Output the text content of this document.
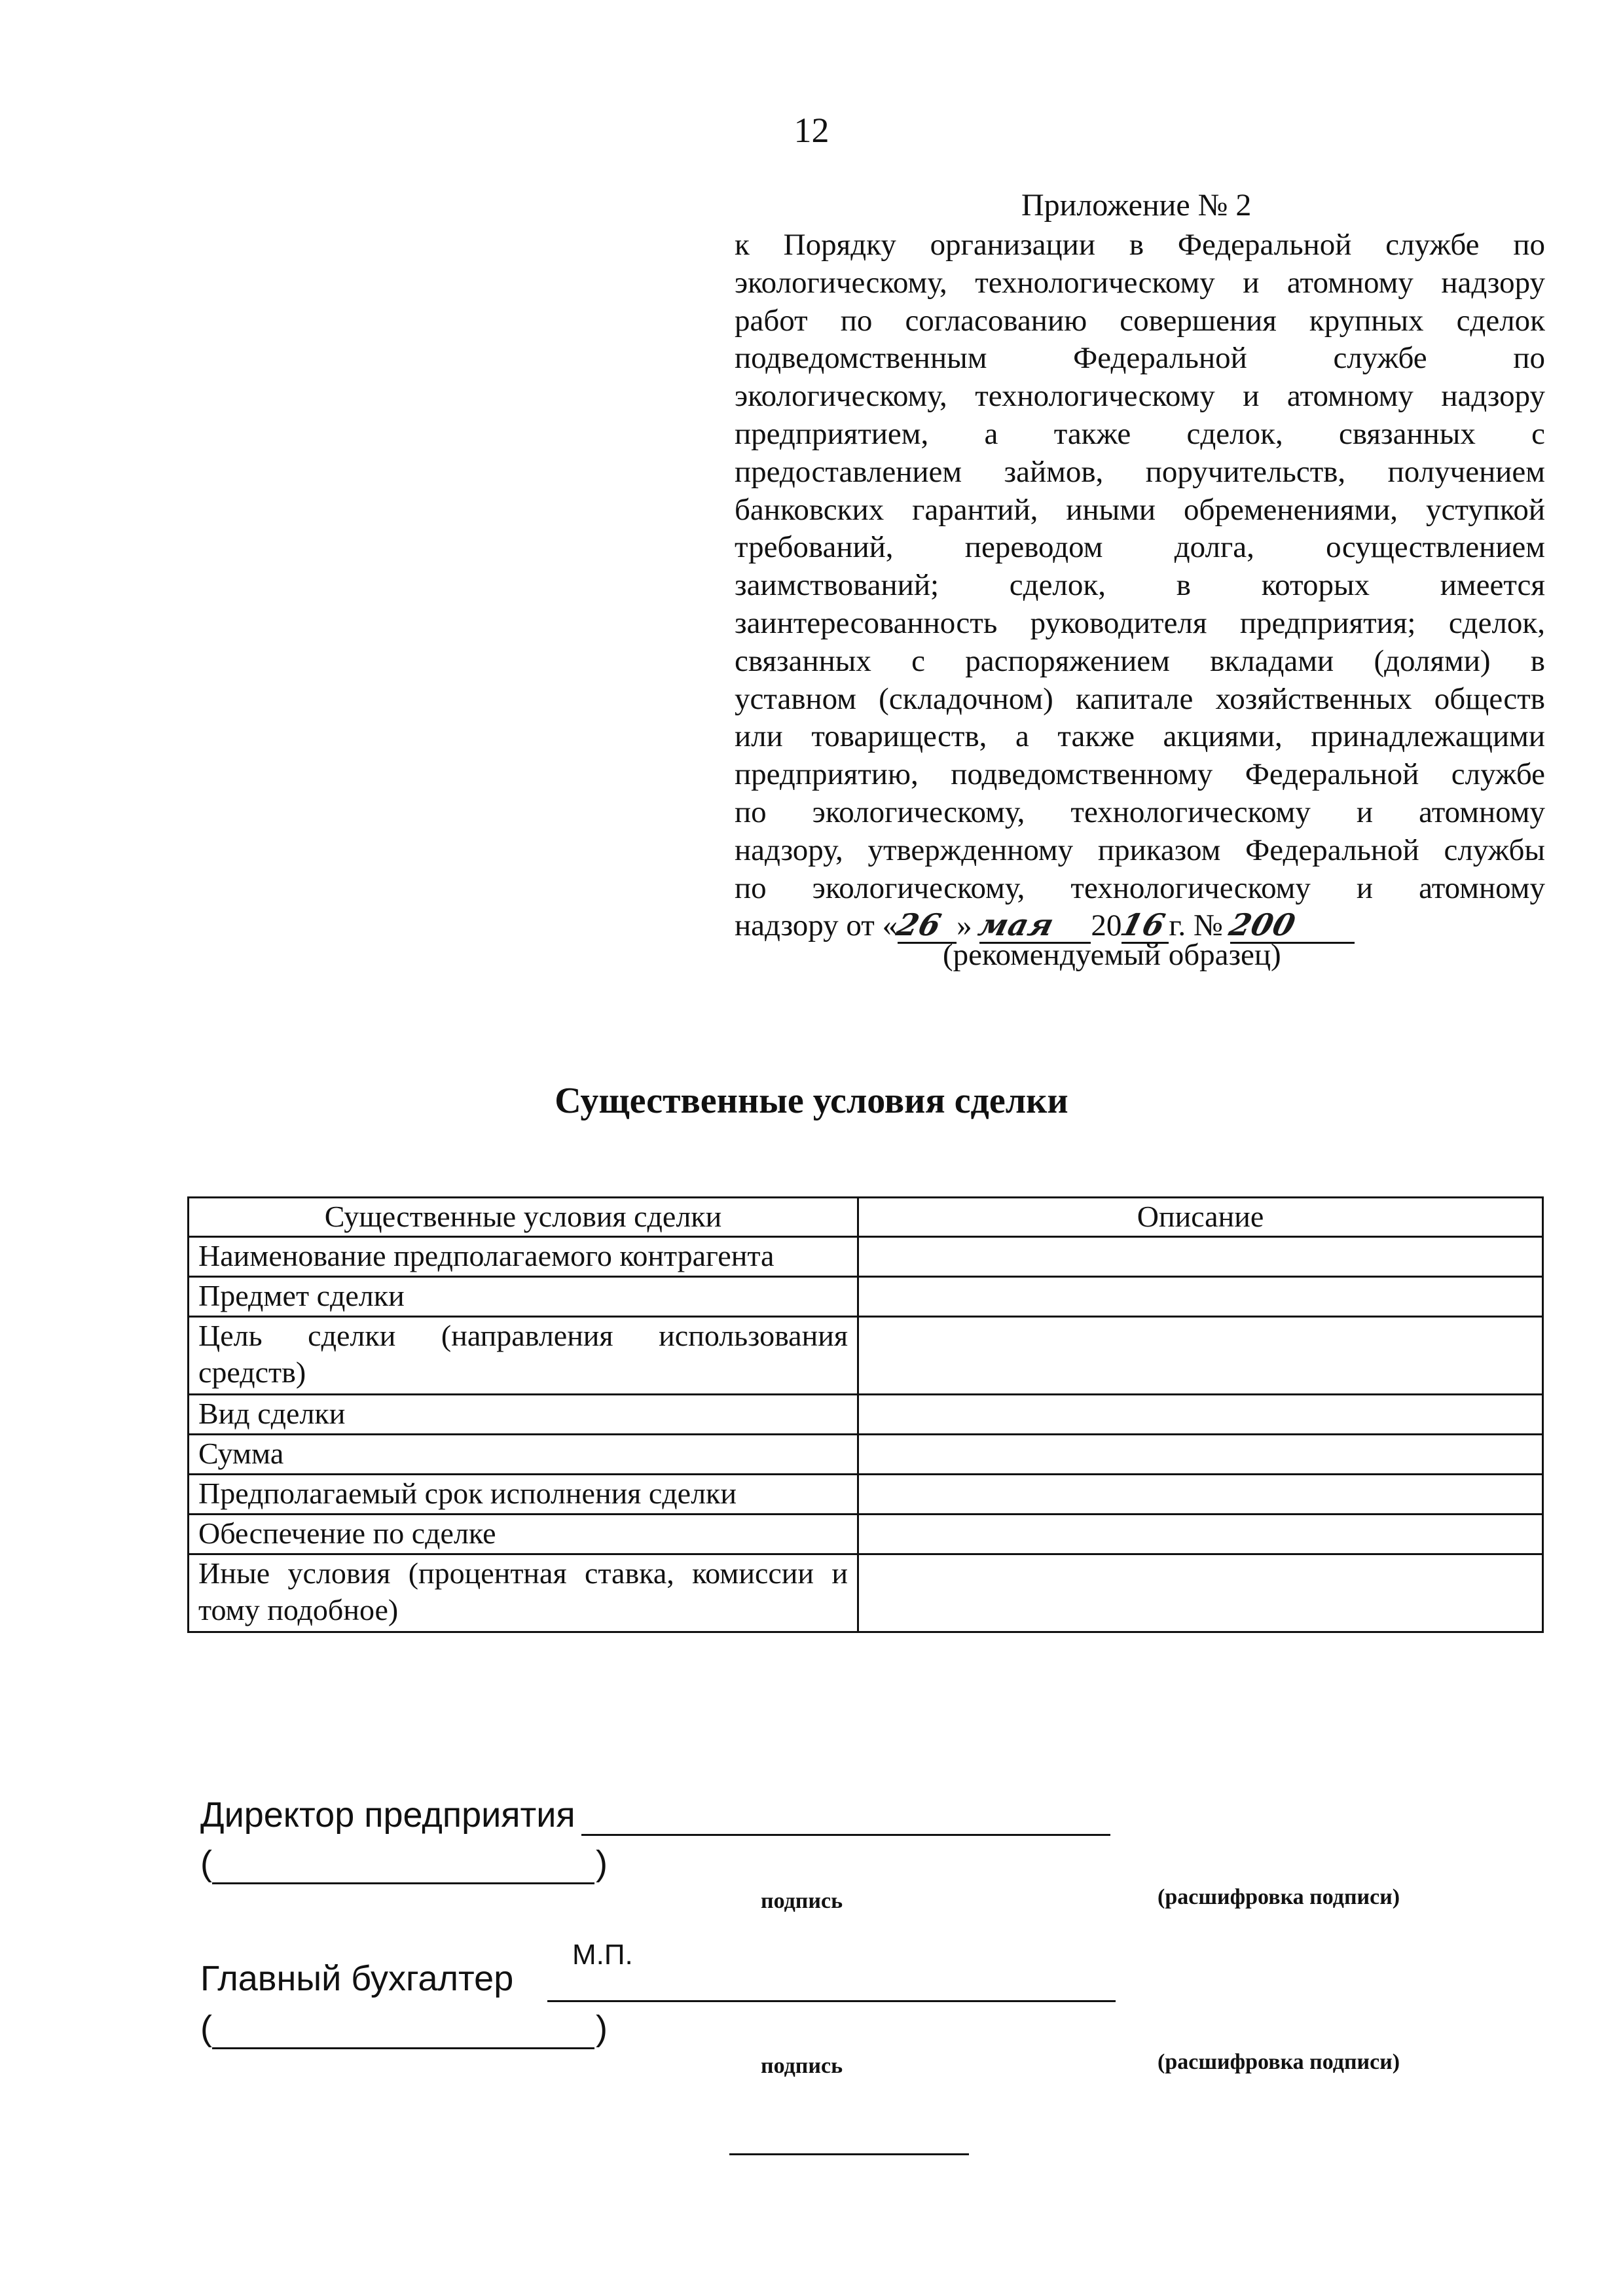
12
Приложение № 2
к Порядку организации в Федеральной службе по
экологическому, технологическому и атомному надзору
работ по согласованию совершения крупных сделок
подведомственным Федеральной службе по
экологическому, технологическому и атомному надзору
предприятием, а также сделок, связанных с
предоставлением займов, поручительств, получением
банковских гарантий, иными обременениями, уступкой
требований, переводом долга, осуществлением
заимствований; сделок, в которых имеется
заинтересованность руководителя предприятия; сделок,
связанных с распоряжением вкладами (долями) в
уставном (складочном) капитале хозяйственных обществ
или товариществ, а также акциями, принадлежащими
предприятию, подведомственному Федеральной службе
по экологическому, технологическому и атомному
надзору, утвержденному приказом Федеральной службы
по экологическому, технологическому и атомному
надзору от «26 » мая 2016г. № 200
(рекомендуемый образец)
Существенные условия сделки
Существенные условия сделки	Описание
Наименование предполагаемого контрагента	
Предмет сделки	
Цель сделки (направления использования средств)	
Вид сделки	
Сумма	
Предполагаемый срок исполнения сделки	
Обеспечение по сделке	
Иные условия (процентная ставка, комиссии и тому подобное)	
Директор предприятия
(	)
подпись	(расшифровка подписи)
М.П.
Главный бухгалтер
(	)
подпись	(расшифровка подписи)
